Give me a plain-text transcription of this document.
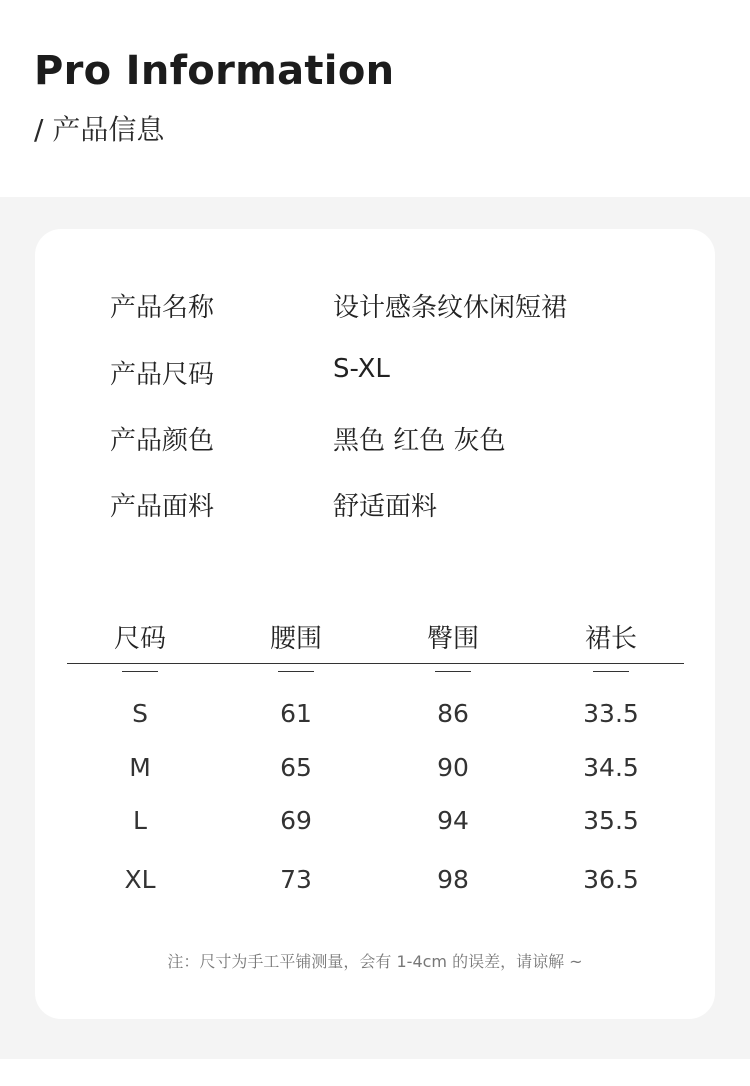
Pro Information
/ 产品信息
产品名称	设计感条纹休闲短裙
产品尺码	S-XL
产品颜色	黑色 红色 灰色
产品面料	舒适面料
尺码	腰围	臀围	裙长
S	61	86	33.5
M	65	90	34.5
L	69	94	35.5
XL	73	98	36.5
注：尺寸为手工平铺测量，会有 1-4cm 的误差，请谅解 ~
